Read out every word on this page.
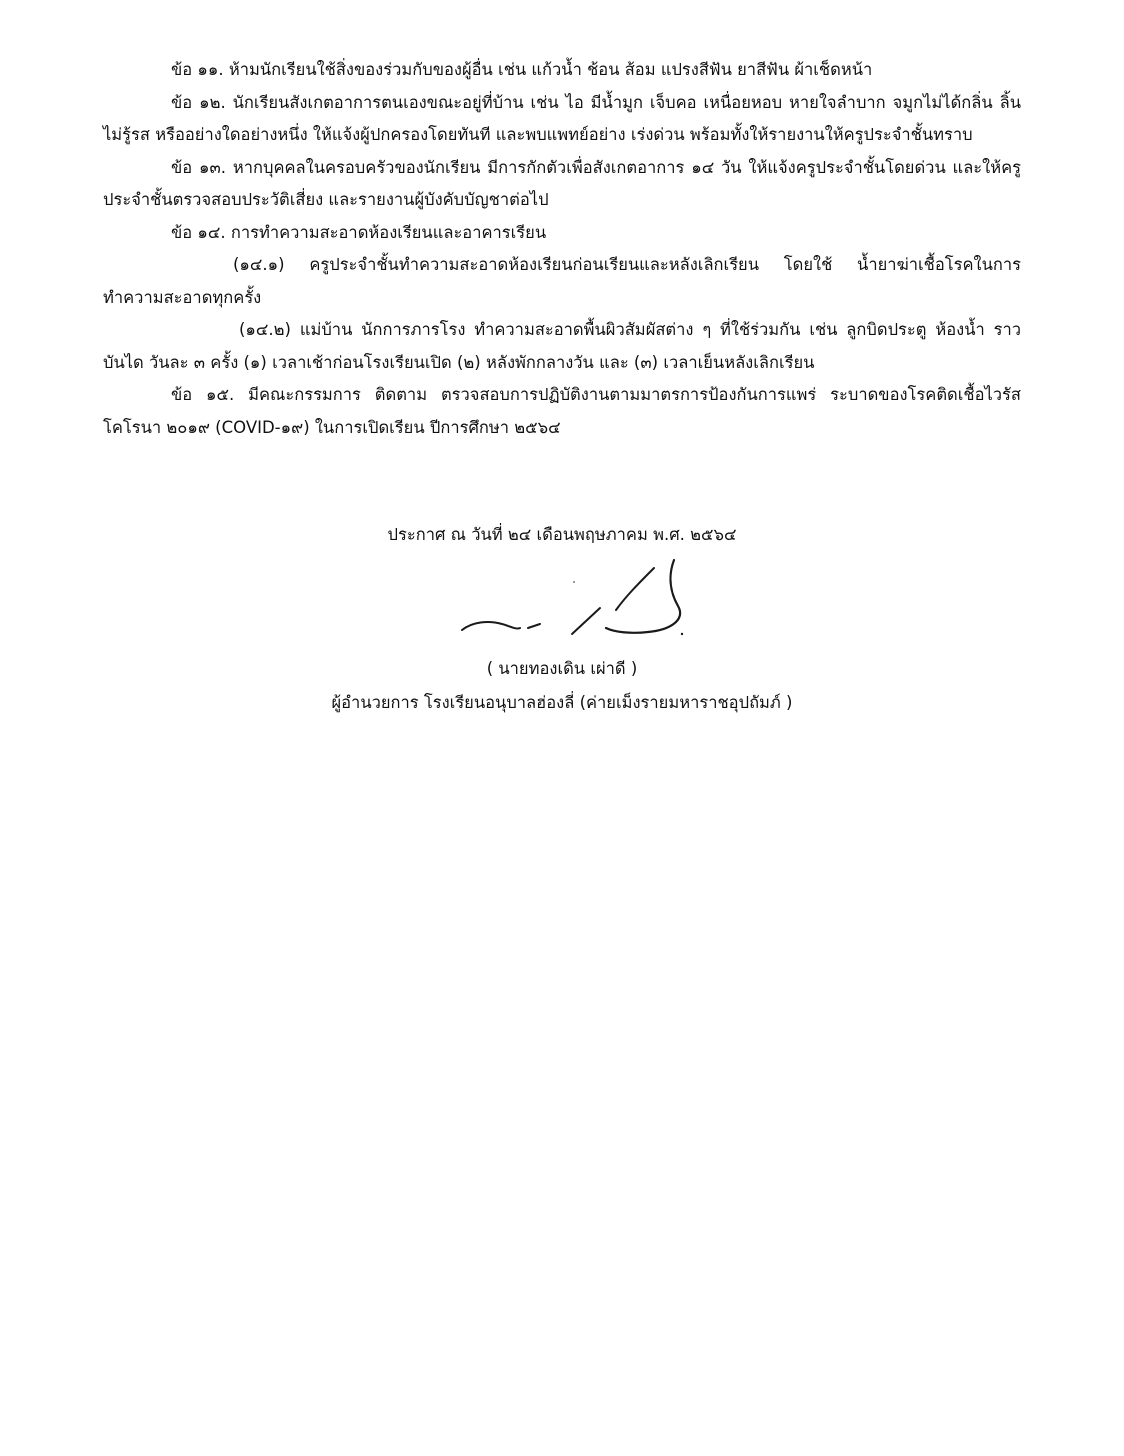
ข้อ ๑๑. ห้ามนักเรียนใช้สิ่งของร่วมกับของผู้อื่น เช่น แก้วน้ำ ช้อน ส้อม แปรงสีฟัน ยาสีฟัน ผ้าเช็ดหน้า

ข้อ ๑๒. นักเรียนสังเกตอาการตนเองขณะอยู่ที่บ้าน เช่น ไอ มีน้ำมูก เจ็บคอ เหนื่อยหอบ หายใจลำบาก จมูกไม่ได้กลิ่น ลิ้นไม่รู้รส หรืออย่างใดอย่างหนึ่ง ให้แจ้งผู้ปกครองโดยทันที และพบแพทย์อย่าง เร่งด่วน พร้อมทั้งให้รายงานให้ครูประจำชั้นทราบ

ข้อ ๑๓. หากบุคคลในครอบครัวของนักเรียน มีการกักตัวเพื่อสังเกตอาการ ๑๔ วัน ให้แจ้งครูประจำชั้นโดยด่วน และให้ครูประจำชั้นตรวจสอบประวัติเสี่ยง และรายงานผู้บังคับบัญชาต่อไป

ข้อ ๑๔. การทำความสะอาดห้องเรียนและอาคารเรียน

(๑๔.๑) ครูประจำชั้นทำความสะอาดห้องเรียนก่อนเรียนและหลังเลิกเรียน โดยใช้ น้ำยาฆ่าเชื้อโรคในการทำความสะอาดทุกครั้ง

(๑๔.๒) แม่บ้าน นักการภารโรง ทำความสะอาดพื้นผิวสัมผัสต่าง ๆ ที่ใช้ร่วมกัน เช่น ลูกบิดประตู ห้องน้ำ ราวบันได วันละ ๓ ครั้ง (๑) เวลาเช้าก่อนโรงเรียนเปิด (๒) หลังพักกลางวัน และ (๓) เวลาเย็นหลังเลิกเรียน

ข้อ ๑๕. มีคณะกรรมการ ติดตาม ตรวจสอบการปฏิบัติงานตามมาตรการป้องกันการแพร่ ระบาดของโรคติดเชื้อไวรัสโคโรนา ๒๐๑๙ (COVID-๑๙) ในการเปิดเรียน ปีการศึกษา ๒๕๖๔

ประกาศ ณ วันที่ ๒๔ เดือนพฤษภาคม พ.ศ. ๒๕๖๔
( นายทองเดิน เผ่าดี )
ผู้อำนวยการ โรงเรียนอนุบาลฮ่องลี่ (ค่ายเม็งรายมหาราชอุปถัมภ์ )
